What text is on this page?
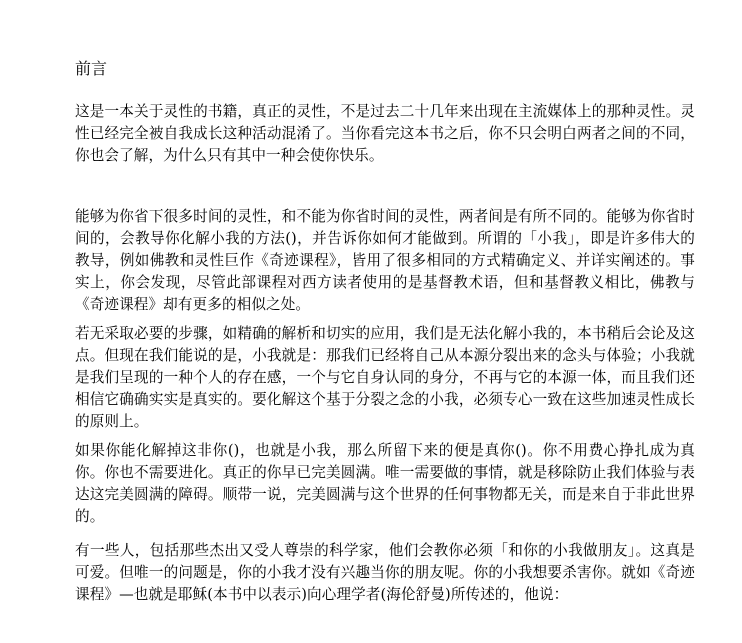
前言

这是一本关于灵性的书籍，真正的灵性，不是过去二十几年来出现在主流媒体上的那种灵性。灵性已经完全被自我成长这种活动混淆了。当你看完这本书之后，你不只会明白两者之间的不同，你也会了解，为什么只有其中一种会使你快乐。

能够为你省下很多时间的灵性，和不能为你省时间的灵性，两者间是有所不同的。能够为你省时间的，会教导你化解小我的方法()，并告诉你如何才能做到。所谓的「小我」，即是许多伟大的教导，例如佛教和灵性巨作《奇迹课程》，皆用了很多相同的方式精确定义、并详实阐述的。事实上，你会发现，尽管此部课程对西方读者使用的是基督教术语，但和基督教义相比，佛教与《奇迹课程》却有更多的相似之处。

若无采取必要的步骤，如精确的解析和切实的应用，我们是无法化解小我的，本书稍后会论及这点。但现在我们能说的是，小我就是：那我们已经将自己从本源分裂出来的念头与体验；小我就是我们呈现的一种个人的存在感，一个与它自身认同的身分，不再与它的本源一体，而且我们还相信它确确实实是真实的。要化解这个基于分裂之念的小我，必须专心一致在这些加速灵性成长的原则上。

如果你能化解掉这非你()，也就是小我，那么所留下来的便是真你()。你不用费心挣扎成为真你。你也不需要进化。真正的你早已完美圆满。唯一需要做的事情，就是移除防止我们体验与表达这完美圆满的障碍。顺带一说，完美圆满与这个世界的任何事物都无关，而是来自于非此世界的。

有一些人，包括那些杰出又受人尊崇的科学家，他们会教你必须「和你的小我做朋友」。这真是可爱。但唯一的问题是，你的小我才没有兴趣当你的朋友呢。你的小我想要杀害你。就如《奇迹课程》—也就是耶稣(本书中以表示)向心理学者(海伦舒曼)所传述的，他说：
